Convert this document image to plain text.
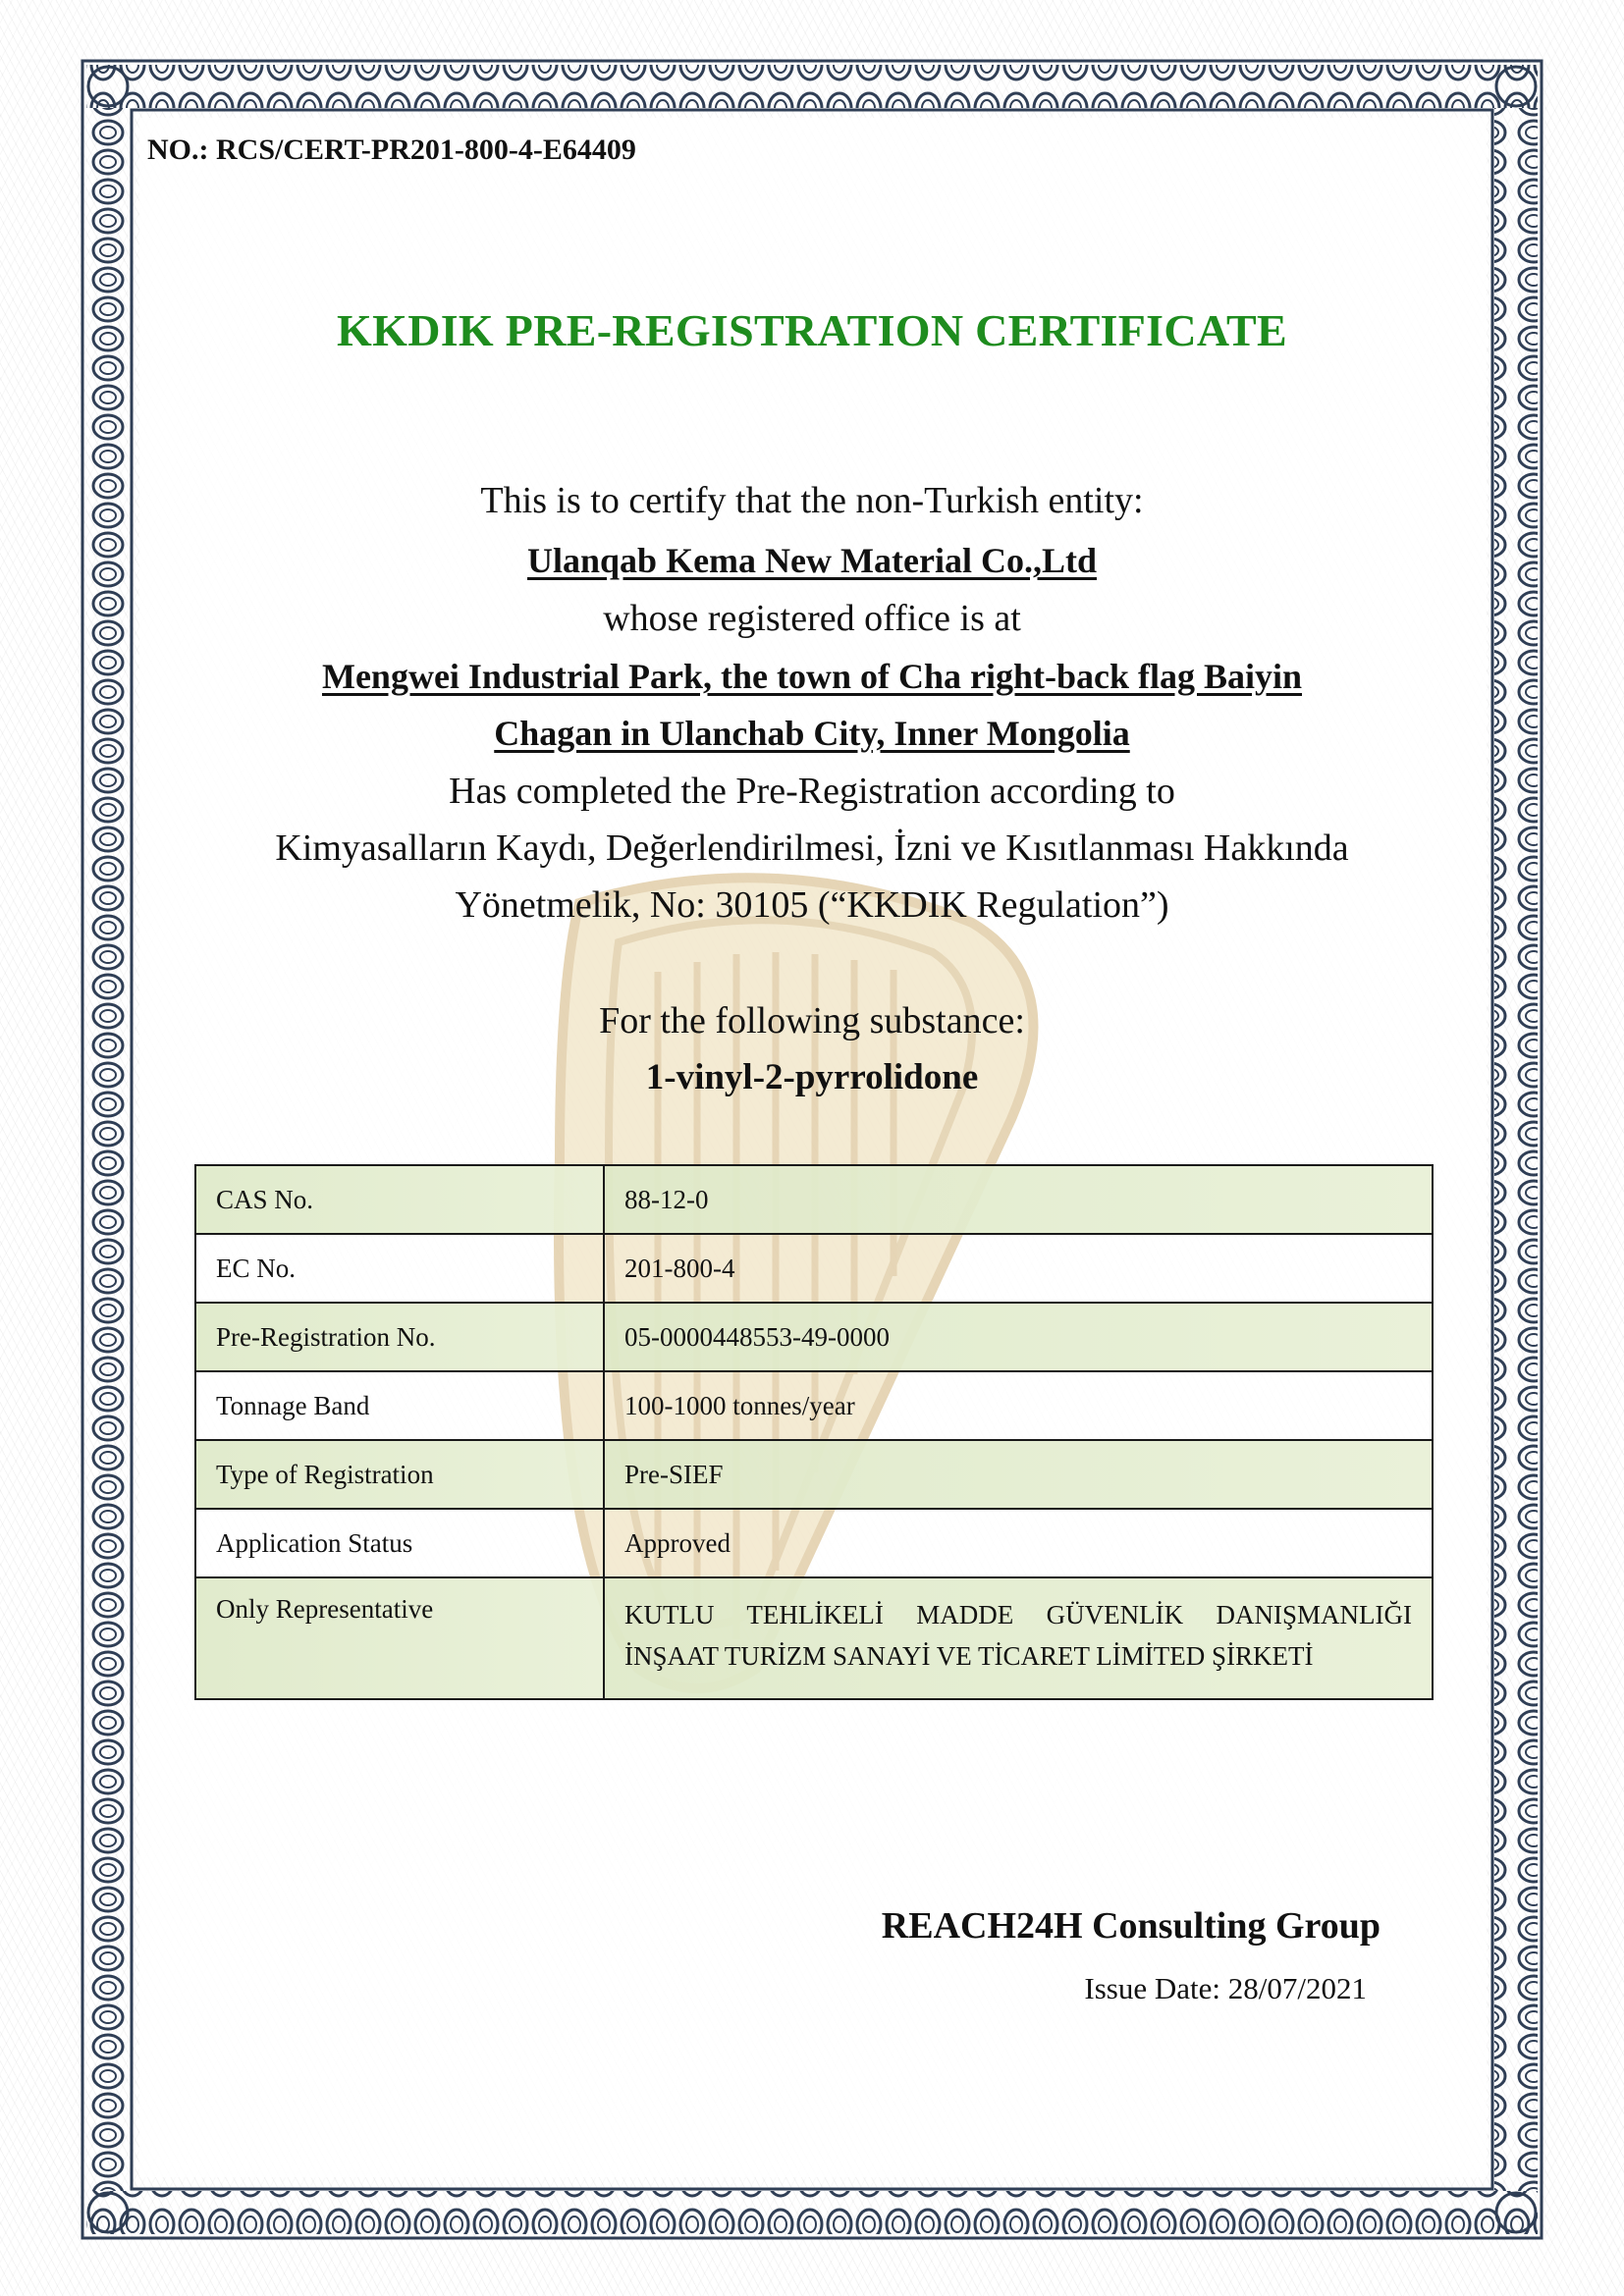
NO.: RCS/CERT-PR201-800-4-E64409
KKDIK PRE-REGISTRATION CERTIFICATE
This is to certify that the non-Turkish entity:
Ulanqab Kema New Material Co.,Ltd
whose registered office is at
Mengwei Industrial Park, the town of Cha right-back flag Baiyin
Chagan in Ulanchab City, Inner Mongolia
Has completed the Pre-Registration according to
Kimyasalların Kaydı, Değerlendirilmesi, İzni ve Kısıtlanması Hakkında
Yönetmelik, No: 30105 (“KKDIK Regulation”)
For the following substance:
1-vinyl-2-pyrrolidone
CAS No.	88-12-0
EC No.	201-800-4
Pre-Registration No.	05-0000448553-49-0000
Tonnage Band	100-1000 tonnes/year
Type of Registration	Pre-SIEF
Application Status	Approved
Only Representative	KUTLU TEHLİKELİ MADDE GÜVENLİK DANIŞMANLIĞI
İNŞAAT TURİZM SANAYİ VE TİCARET LİMİTED ŞİRKETİ
REACH24H Consulting Group
Issue Date: 28/07/2021
